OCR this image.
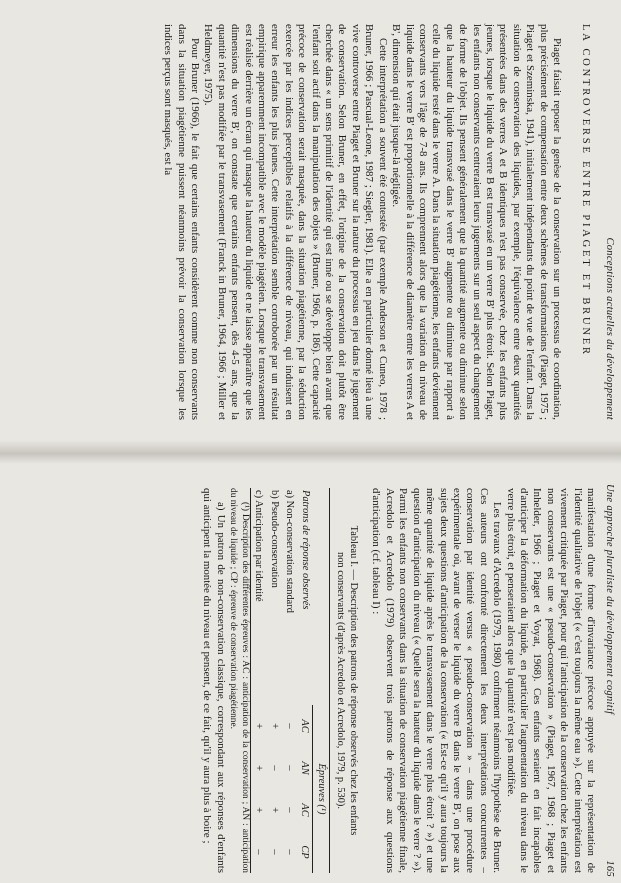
Conceptions actuelles du développement
LA CONTROVERSE ENTRE PIAGET ET BRUNER

Piaget faisait reposer la genèse de la conservation sur un processus de coordination, plus précisément de compensation entre deux schèmes de transformations (Piaget, 1975 ; Piaget et Szeminska, 1941), initialement indépendants du point de vue de l'enfant. Dans la situation de conservation des liquides, par exemple, l'équivalence entre deux quantités présentées dans des verres A et B identiques n'est pas conservée, chez les enfants plus jeunes, lorsque le liquide du verre B est transvasé en un verre B' plus étroit. Selon Piaget, les enfants non conservants centreraient leurs jugements sur un seul aspect du changement de forme de l'objet. Ils pensent généralement que la quantité augmente ou diminue selon que la hauteur du liquide transvasé dans le verre B' augmente ou diminue par rapport à celle du liquide resté dans le verre A. Dans la situation piagétienne, les enfants deviennent conservants vers l'âge de 7-8 ans. Ils comprennent alors que la variation du niveau de liquide dans le verre B' est proportionnelle à la différence de diamètre entre les verres A et B', dimension qui était jusque-là négligée.

Cette interprétation a souvent été contestée (par exemple Anderson et Cuneo, 1978 ; Bruner, 1966 ; Pascual-Leone, 1987 ; Siegler, 1981). Elle a en particulier donné lieu à une vive controverse entre Piaget et Bruner sur la nature du processus en jeu dans le jugement de conservation. Selon Bruner, en effet, l'origine de la conservation doit plutôt être cherchée dans « un sens primitif de l'identité qui est inné ou se développe bien avant que l'enfant soit actif dans la manipulation des objets » (Bruner, 1966, p. 186). Cette capacité précoce de conservation serait masquée, dans la situation piagétienne, par la séduction exercée par les indices perceptibles relatifs à la différence de niveau, qui induisent en erreur les enfants les plus jeunes. Cette interprétation semble corroborée par un résultat empirique apparemment incompatible avec le modèle piagétien. Lorsque le transvasement est réalisé derrière un écran qui masque la hauteur du liquide et ne laisse apparaître que les dimensions du verre B', on constate que certains enfants pensent, dès 4-5 ans, que la quantité n'est pas modifiée par le transvasement (Franck in Bruner, 1964, 1966 ; Miller et Heldmeyer, 1975).

Pour Bruner (1966), le fait que certains enfants considèrent comme non conservants dans la situation piagétienne puissent néanmoins prévoir la conservation lorsque les indices perçus sont masqués, est la

Une approche pluraliste du développement cognitif
165

manifestation d'une forme d'invariance précoce appuyée sur la représentation de l'identité qualitative de l'objet (« c'est toujours la même eau »). Cette interprétation est vivement critiquée par Piaget, pour qui l'anticipation de la conservation chez les enfants non conservants est une « pseudo-conservation » (Piaget, 1967, 1968 ; Piaget et Inhelder, 1966 ; Piaget et Voyat, 1968). Ces enfants seraient en fait incapables d'anticiper la déformation du liquide, en particulier l'augmentation du niveau dans le verre plus étroit, et penseraient alors que la quantité n'est pas modifiée.

Les travaux d'Acredolo (1979, 1980) confirment néanmoins l'hypothèse de Bruner. Ces auteurs ont confronté directement les deux interprétations concurrentes – conservation par identité versus « pseudo-conservation » – dans une procédure expérimentale où, avant de verser le liquide du verre B dans le verre B', on pose aux sujets deux questions d'anticipation de la conservation (« Est-ce qu'il y aura toujours la même quantité de liquide après le transvasement dans le verre plus étroit ? ») et une question d'anticipation du niveau (« Quelle sera la hauteur du liquide dans le verre ? »). Parmi les enfants non conservants dans la situation de conservation piagétienne finale, Acredolo et Acredolo (1979) observent trois patrons de réponse aux questions d'anticipation (cf. tableau I) :

Tableau I. — Description des patrons de réponse observés chez les enfants non conservants (d'après Acredolo et Acredolo, 1979, p. 530).
	Épreuves (¹)			
Patrons de réponse observés	AC	AN	AC	CP
a) Non-conservation standard	–	–	–	–
b) Pseudo-conservation	+	–	+	–
c) Anticipation par identité	+	+	+	–

(¹) Description des différentes épreuves : AC : anticipation de la conservation ; AN : anticipation du niveau de liquide ; CP : épreuve de conservation piagétienne.

a) Un patron de non-conservation classique, correspondant aux réponses d'enfants qui anticipent la montée du niveau et pensent, de ce fait, qu'il y aura plus à boire ;
